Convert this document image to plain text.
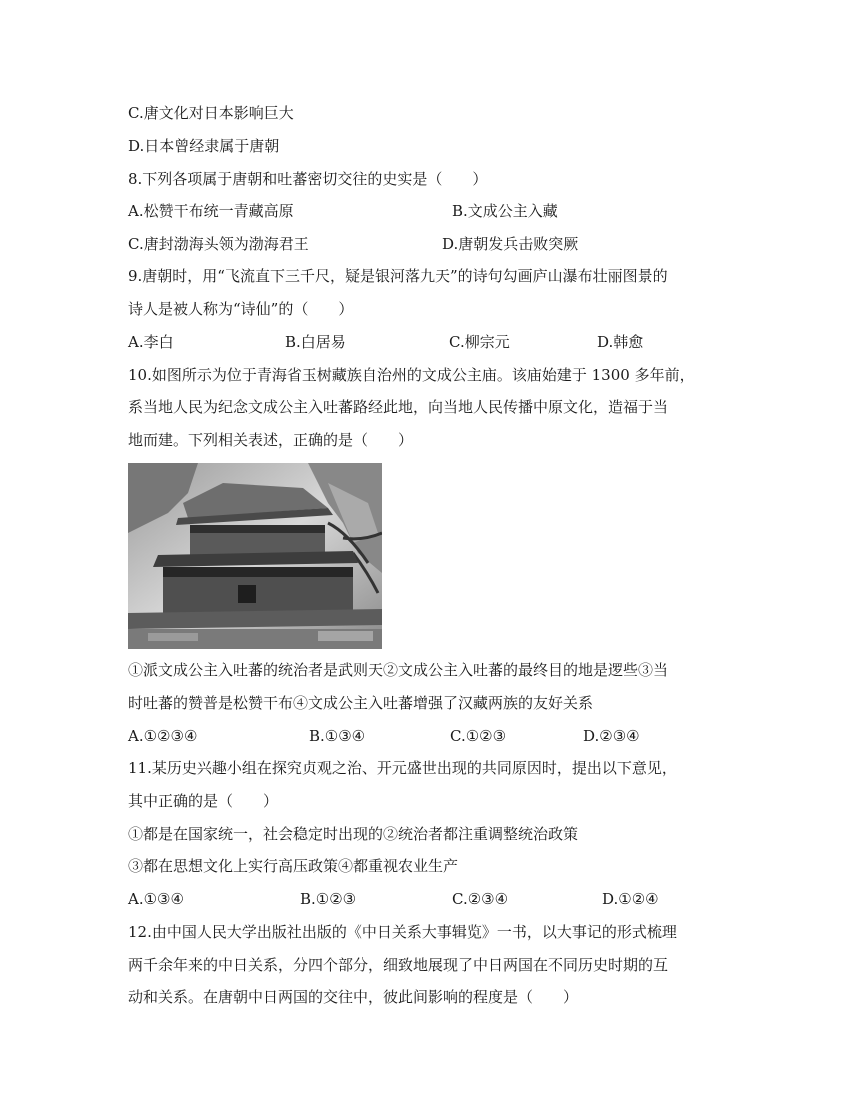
C.唐文化对日本影响巨大
D.日本曾经隶属于唐朝
8.下列各项属于唐朝和吐蕃密切交往的史实是（　　）
A.松赞干布统一青藏高原	B.文成公主入藏
C.唐封渤海头领为渤海君王	D.唐朝发兵击败突厥
9.唐朝时，用“飞流直下三千尺，疑是银河落九天”的诗句勾画庐山瀑布壮丽图景的
诗人是被人称为“诗仙”的（　　）
A.李白	B.白居易	C.柳宗元	D.韩愈
10.如图所示为位于青海省玉树藏族自治州的文成公主庙。该庙始建于 1300 多年前，
系当地人民为纪念文成公主入吐蕃路经此地，向当地人民传播中原文化，造福于当
地而建。下列相关表述，正确的是（　　）
①派文成公主入吐蕃的统治者是武则天②文成公主入吐蕃的最终目的地是逻些③当
时吐蕃的赞普是松赞干布④文成公主入吐蕃增强了汉藏两族的友好关系
A.①②③④	B.①③④	C.①②③	D.②③④
11.某历史兴趣小组在探究贞观之治、开元盛世出现的共同原因时，提出以下意见，
其中正确的是（　　）
①都是在国家统一，社会稳定时出现的②统治者都注重调整统治政策
③都在思想文化上实行高压政策④都重视农业生产
A.①③④	B.①②③	C.②③④	D.①②④
12.由中国人民大学出版社出版的《中日关系大事辑览》一书，以大事记的形式梳理
两千余年来的中日关系，分四个部分，细致地展现了中日两国在不同历史时期的互
动和关系。在唐朝中日两国的交往中，彼此间影响的程度是（　　）
